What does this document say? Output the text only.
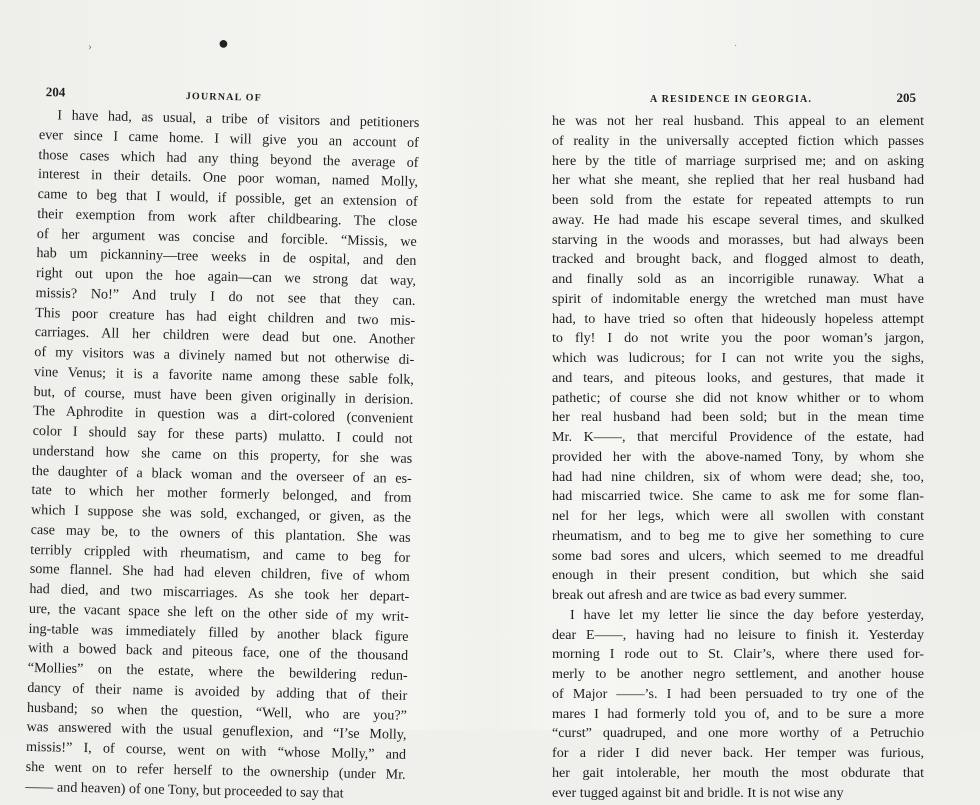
●
›	·
204	JOURNAL OF
I have had, as usual, a tribe of visitors and petitioners
ever since I came home. I will give you an account of
those cases which had any thing beyond the average of
interest in their details. One poor woman, named Molly,
came to beg that I would, if possible, get an extension of
their exemption from work after childbearing. The close
of her argument was concise and forcible. “Missis, we
hab um pickanniny—tree weeks in de ospital, and den
right out upon the hoe again—can we strong dat way,
missis? No!” And truly I do not see that they can.
This poor creature has had eight children and two mis-
carriages. All her children were dead but one. Another
of my visitors was a divinely named but not otherwise di-
vine Venus; it is a favorite name among these sable folk,
but, of course, must have been given originally in derision.
The Aphrodite in question was a dirt-colored (convenient
color I should say for these parts) mulatto. I could not
understand how she came on this property, for she was
the daughter of a black woman and the overseer of an es-
tate to which her mother formerly belonged, and from
which I suppose she was sold, exchanged, or given, as the
case may be, to the owners of this plantation. She was
terribly crippled with rheumatism, and came to beg for
some flannel. She had had eleven children, five of whom
had died, and two miscarriages. As she took her depart-
ure, the vacant space she left on the other side of my writ-
ing-table was immediately filled by another black figure
with a bowed back and piteous face, one of the thousand
“Mollies” on the estate, where the bewildering redun-
dancy of their name is avoided by adding that of their
husband; so when the question, “Well, who are you?”
was answered with the usual genuflexion, and “I’se Molly,
missis!” I, of course, went on with “whose Molly,” and
she went on to refer herself to the ownership (under Mr.
—— and heaven) of one Tony, but proceeded to say that
A RESIDENCE IN GEORGIA.	205
he was not her real husband. This appeal to an element
of reality in the universally accepted fiction which passes
here by the title of marriage surprised me; and on asking
her what she meant, she replied that her real husband had
been sold from the estate for repeated attempts to run
away. He had made his escape several times, and skulked
starving in the woods and morasses, but had always been
tracked and brought back, and flogged almost to death,
and finally sold as an incorrigible runaway. What a
spirit of indomitable energy the wretched man must have
had, to have tried so often that hideously hopeless attempt
to fly! I do not write you the poor woman’s jargon,
which was ludicrous; for I can not write you the sighs,
and tears, and piteous looks, and gestures, that made it
pathetic; of course she did not know whither or to whom
her real husband had been sold; but in the mean time
Mr. K——, that merciful Providence of the estate, had
provided her with the above-named Tony, by whom she
had had nine children, six of whom were dead; she, too,
had miscarried twice. She came to ask me for some flan-
nel for her legs, which were all swollen with constant
rheumatism, and to beg me to give her something to cure
some bad sores and ulcers, which seemed to me dreadful
enough in their present condition, but which she said
break out afresh and are twice as bad every summer.
I have let my letter lie since the day before yesterday,
dear E——, having had no leisure to finish it. Yesterday
morning I rode out to St. Clair’s, where there used for-
merly to be another negro settlement, and another house
of Major ——’s. I had been persuaded to try one of the
mares I had formerly told you of, and to be sure a more
“curst” quadruped, and one more worthy of a Petruchio
for a rider I did never back. Her temper was furious,
her gait intolerable, her mouth the most obdurate that
ever tugged against bit and bridle. It is not wise any
